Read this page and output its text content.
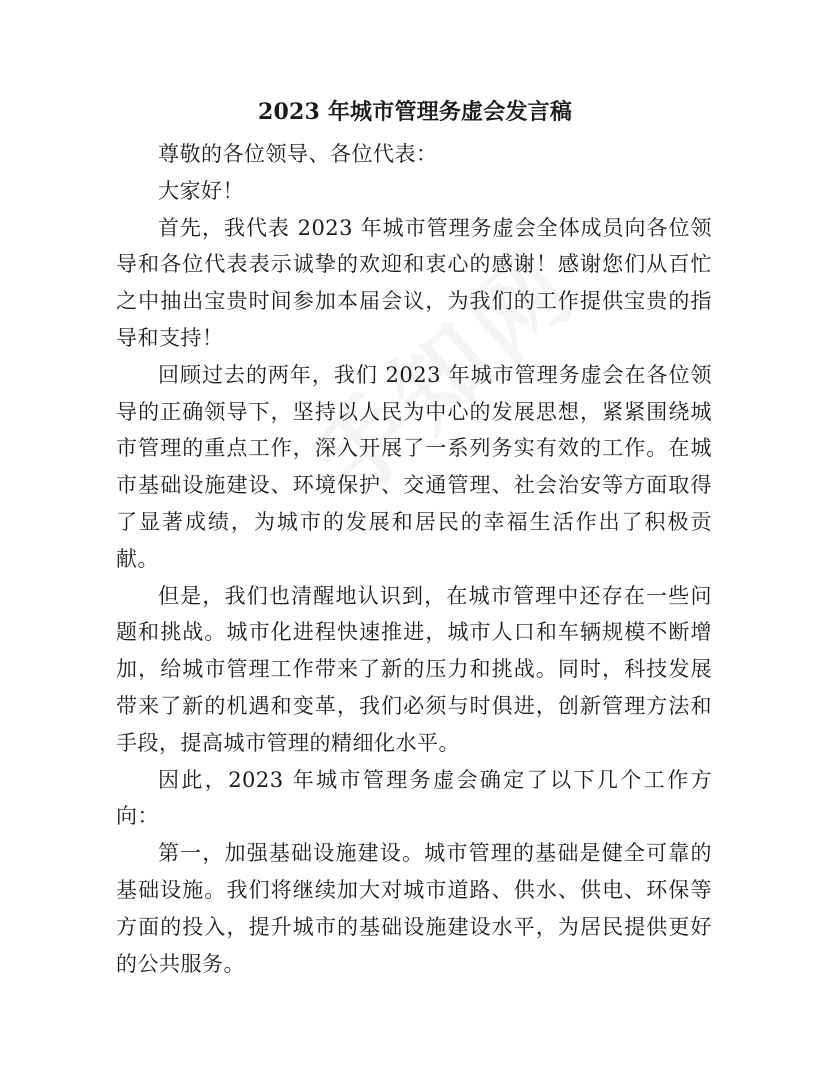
2023 年城市管理务虚会发言稿

尊敬的各位领导、各位代表：

大家好！

首先，我代表 2023 年城市管理务虚会全体成员向各位领导和各位代表表示诚挚的欢迎和衷心的感谢！感谢您们从百忙之中抽出宝贵时间参加本届会议，为我们的工作提供宝贵的指导和支持！

回顾过去的两年，我们 2023 年城市管理务虚会在各位领导的正确领导下，坚持以人民为中心的发展思想，紧紧围绕城市管理的重点工作，深入开展了一系列务实有效的工作。在城市基础设施建设、环境保护、交通管理、社会治安等方面取得了显著成绩，为城市的发展和居民的幸福生活作出了积极贡献。

但是，我们也清醒地认识到，在城市管理中还存在一些问题和挑战。城市化进程快速推进，城市人口和车辆规模不断增加，给城市管理工作带来了新的压力和挑战。同时，科技发展带来了新的机遇和变革，我们必须与时俱进，创新管理方法和手段，提高城市管理的精细化水平。

因此，2023 年城市管理务虚会确定了以下几个工作方向：

第一，加强基础设施建设。城市管理的基础是健全可靠的基础设施。我们将继续加大对城市道路、供水、供电、环保等方面的投入，提升城市的基础设施建设水平，为居民提供更好的公共服务。
